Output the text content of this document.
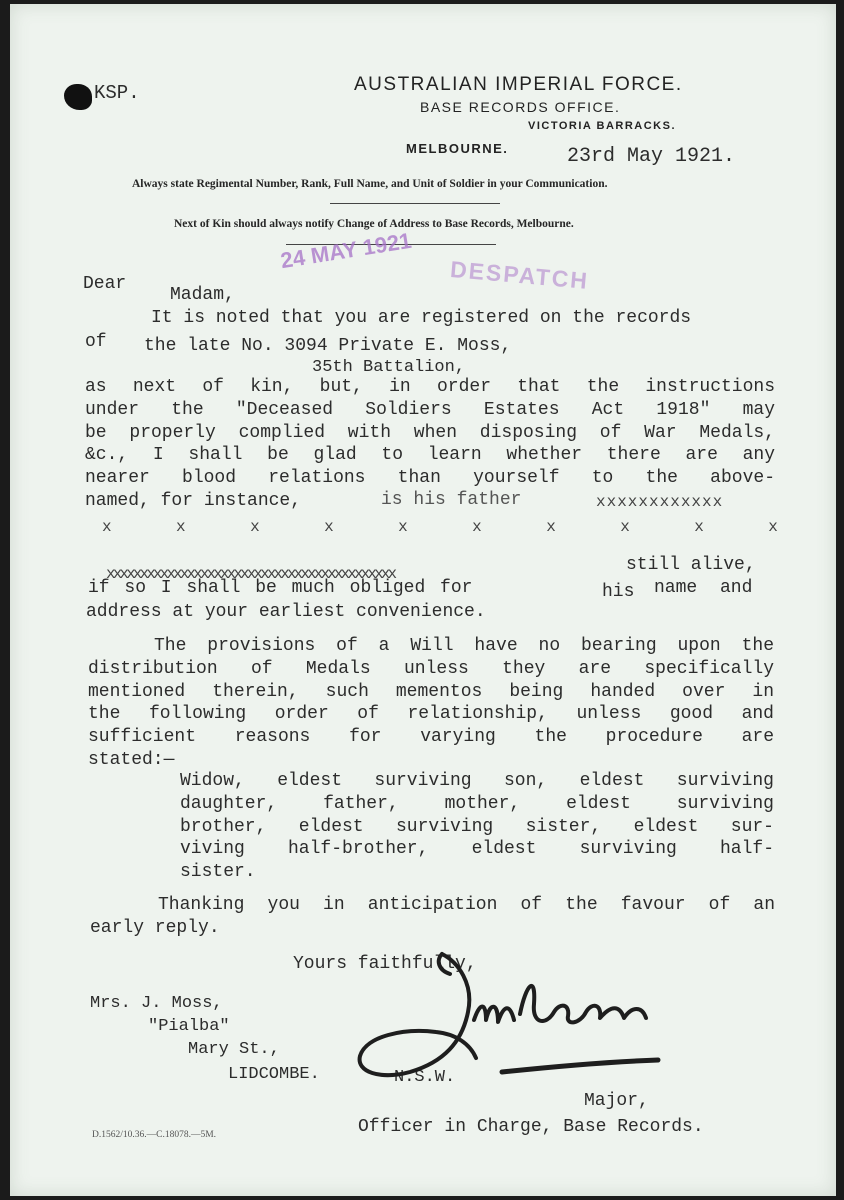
KSP.	AUSTRALIAN IMPERIAL FORCE.
BASE RECORDS OFFICE.
VICTORIA BARRACKS.
MELBOURNE.	23rd May 1921.
Always state Regimental Number, Rank, Full Name, and Unit of Soldier in your Communication.
Next of Kin should always notify Change of Address to Base Records, Melbourne.
24 MAY 1921
DESPATCH
Dear
Madam,
It is noted that you are registered on the records
of the late No. 3094 Private E. Moss,
35th Battalion,
as next of kin, but, in order that the instructions
under the "Deceased Soldiers Estates Act 1918" may
be properly complied with when disposing of War Medals,
&c., I shall be glad to learn whether there are any
nearer blood relations than yourself to the above-
named, for instance,	is his father	xxxxxxxxxxxx
x	x	x	x	x	x	x	x	x	x
xxxxxxxxxxxxxxxxxxxxxxxxxxxxxxxxxxxxxxxxxxx	still alive,
if so I shall be much obliged for	his name and
address at your earliest convenience.
The provisions of a Will have no bearing upon the
distribution of Medals unless they are specifically
mentioned therein, such mementos being handed over in
the following order of relationship, unless good and
sufficient reasons for varying the procedure are
stated:—
Widow, eldest surviving son, eldest surviving
daughter, father, mother, eldest surviving
brother, eldest surviving sister, eldest sur-
viving half-brother, eldest surviving half-
sister.
Thanking you in anticipation of the favour of an
early reply.
Yours faithfully,
Mrs. J. Moss,
"Pialba"
Mary St.,
LIDCOMBE.	N.S.W.
Major,
Officer in Charge, Base Records.
D.1562/10.36.—C.18078.—5M.
